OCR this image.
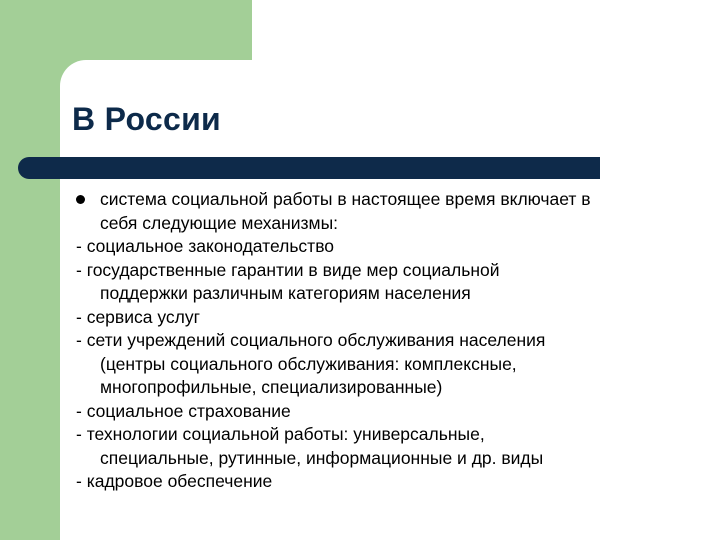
В России
система социальной работы в настоящее время включает в
себя следующие механизмы:
- социальное законодательство
- государственные гарантии в виде мер социальной
поддержки различным категориям населения
- сервиса услуг
- сети учреждений социального обслуживания населения
(центры социального обслуживания: комплексные,
многопрофильные, специализированные)
- социальное страхование
- технологии социальной работы: универсальные,
специальные, рутинные, информационные и др. виды
- кадровое обеспечение
